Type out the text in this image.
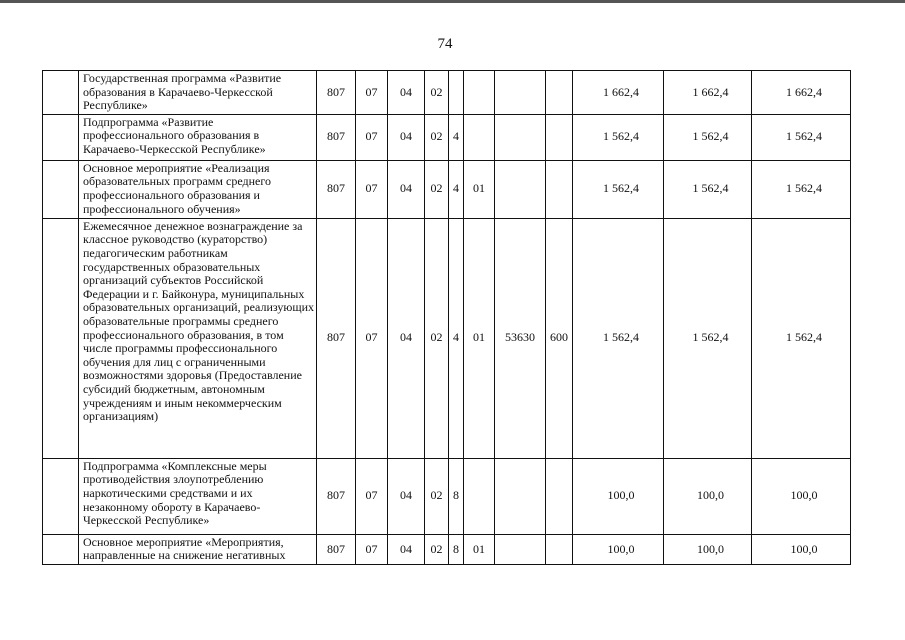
74
	Государственная программа «Развитие образования в Карачаево-Черкесской Республике»	807	07	04	02					1 662,4	1 662,4	1 662,4
	Подпрограмма «Развитие профессионального образования в Карачаево-Черкесской Республике»	807	07	04	02	4				1 562,4	1 562,4	1 562,4
	Основное мероприятие «Реализация образовательных программ среднего профессионального образования и профессионального обучения»	807	07	04	02	4	01			1 562,4	1 562,4	1 562,4
	Ежемесячное денежное вознаграждение за классное руководство (кураторство) педагогическим работникам государственных образовательных организаций субъектов Российской Федерации и г. Байконура, муниципальных образовательных организаций, реализующих образовательные программы среднего профессионального образования, в том числе программы профессионального обучения для лиц с ограниченными возможностями здоровья (Предоставление субсидий бюджетным, автономным учреждениям и иным некоммерческим организациям)	807	07	04	02	4	01	53630	600	1 562,4	1 562,4	1 562,4
	Подпрограмма «Комплексные меры противодействия злоупотреблению наркотическими средствами и их незаконному обороту в Карачаево-Черкесской Республике»	807	07	04	02	8				100,0	100,0	100,0
	Основное мероприятие «Мероприятия, направленные на снижение негативных	807	07	04	02	8	01			100,0	100,0	100,0
